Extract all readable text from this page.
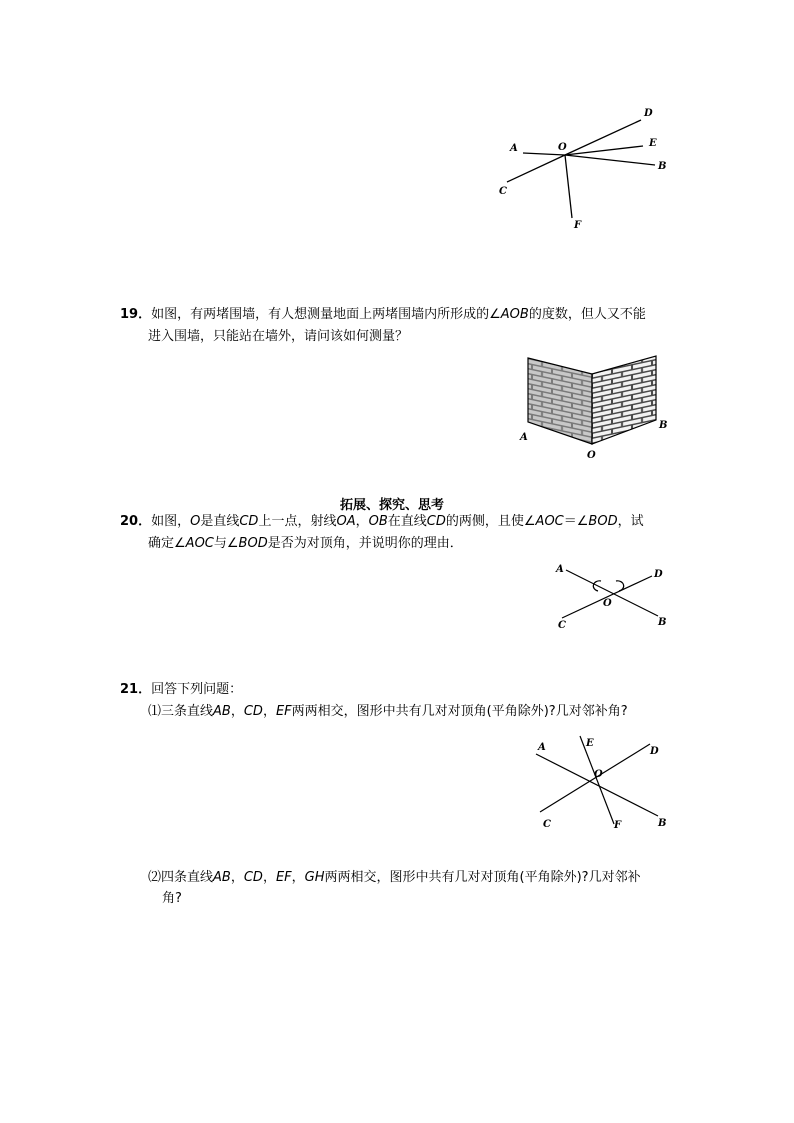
A	O
C
D
E
B
F
19．如图，有两堵围墙，有人想测量地面上两堵围墙内所形成的∠AOB的度数，但人又不能
进入围墙，只能站在墙外，请问该如何测量？
A
O
B
拓展、探究、思考
20．如图，O是直线CD上一点，射线OA，OB在直线CD的两侧，且使∠AOC＝∠BOD，试
确定∠AOC与∠BOD是否为对顶角，并说明你的理由．
A	D
O
C	B
21．回答下列问题：
⑴三条直线AB，CD，EF两两相交，图形中共有几对对顶角(平角除外)?几对邻补角?
A	E
D
O
C	F	B
⑵四条直线AB，CD，EF，GH两两相交，图形中共有几对对顶角(平角除外)?几对邻补
角?
